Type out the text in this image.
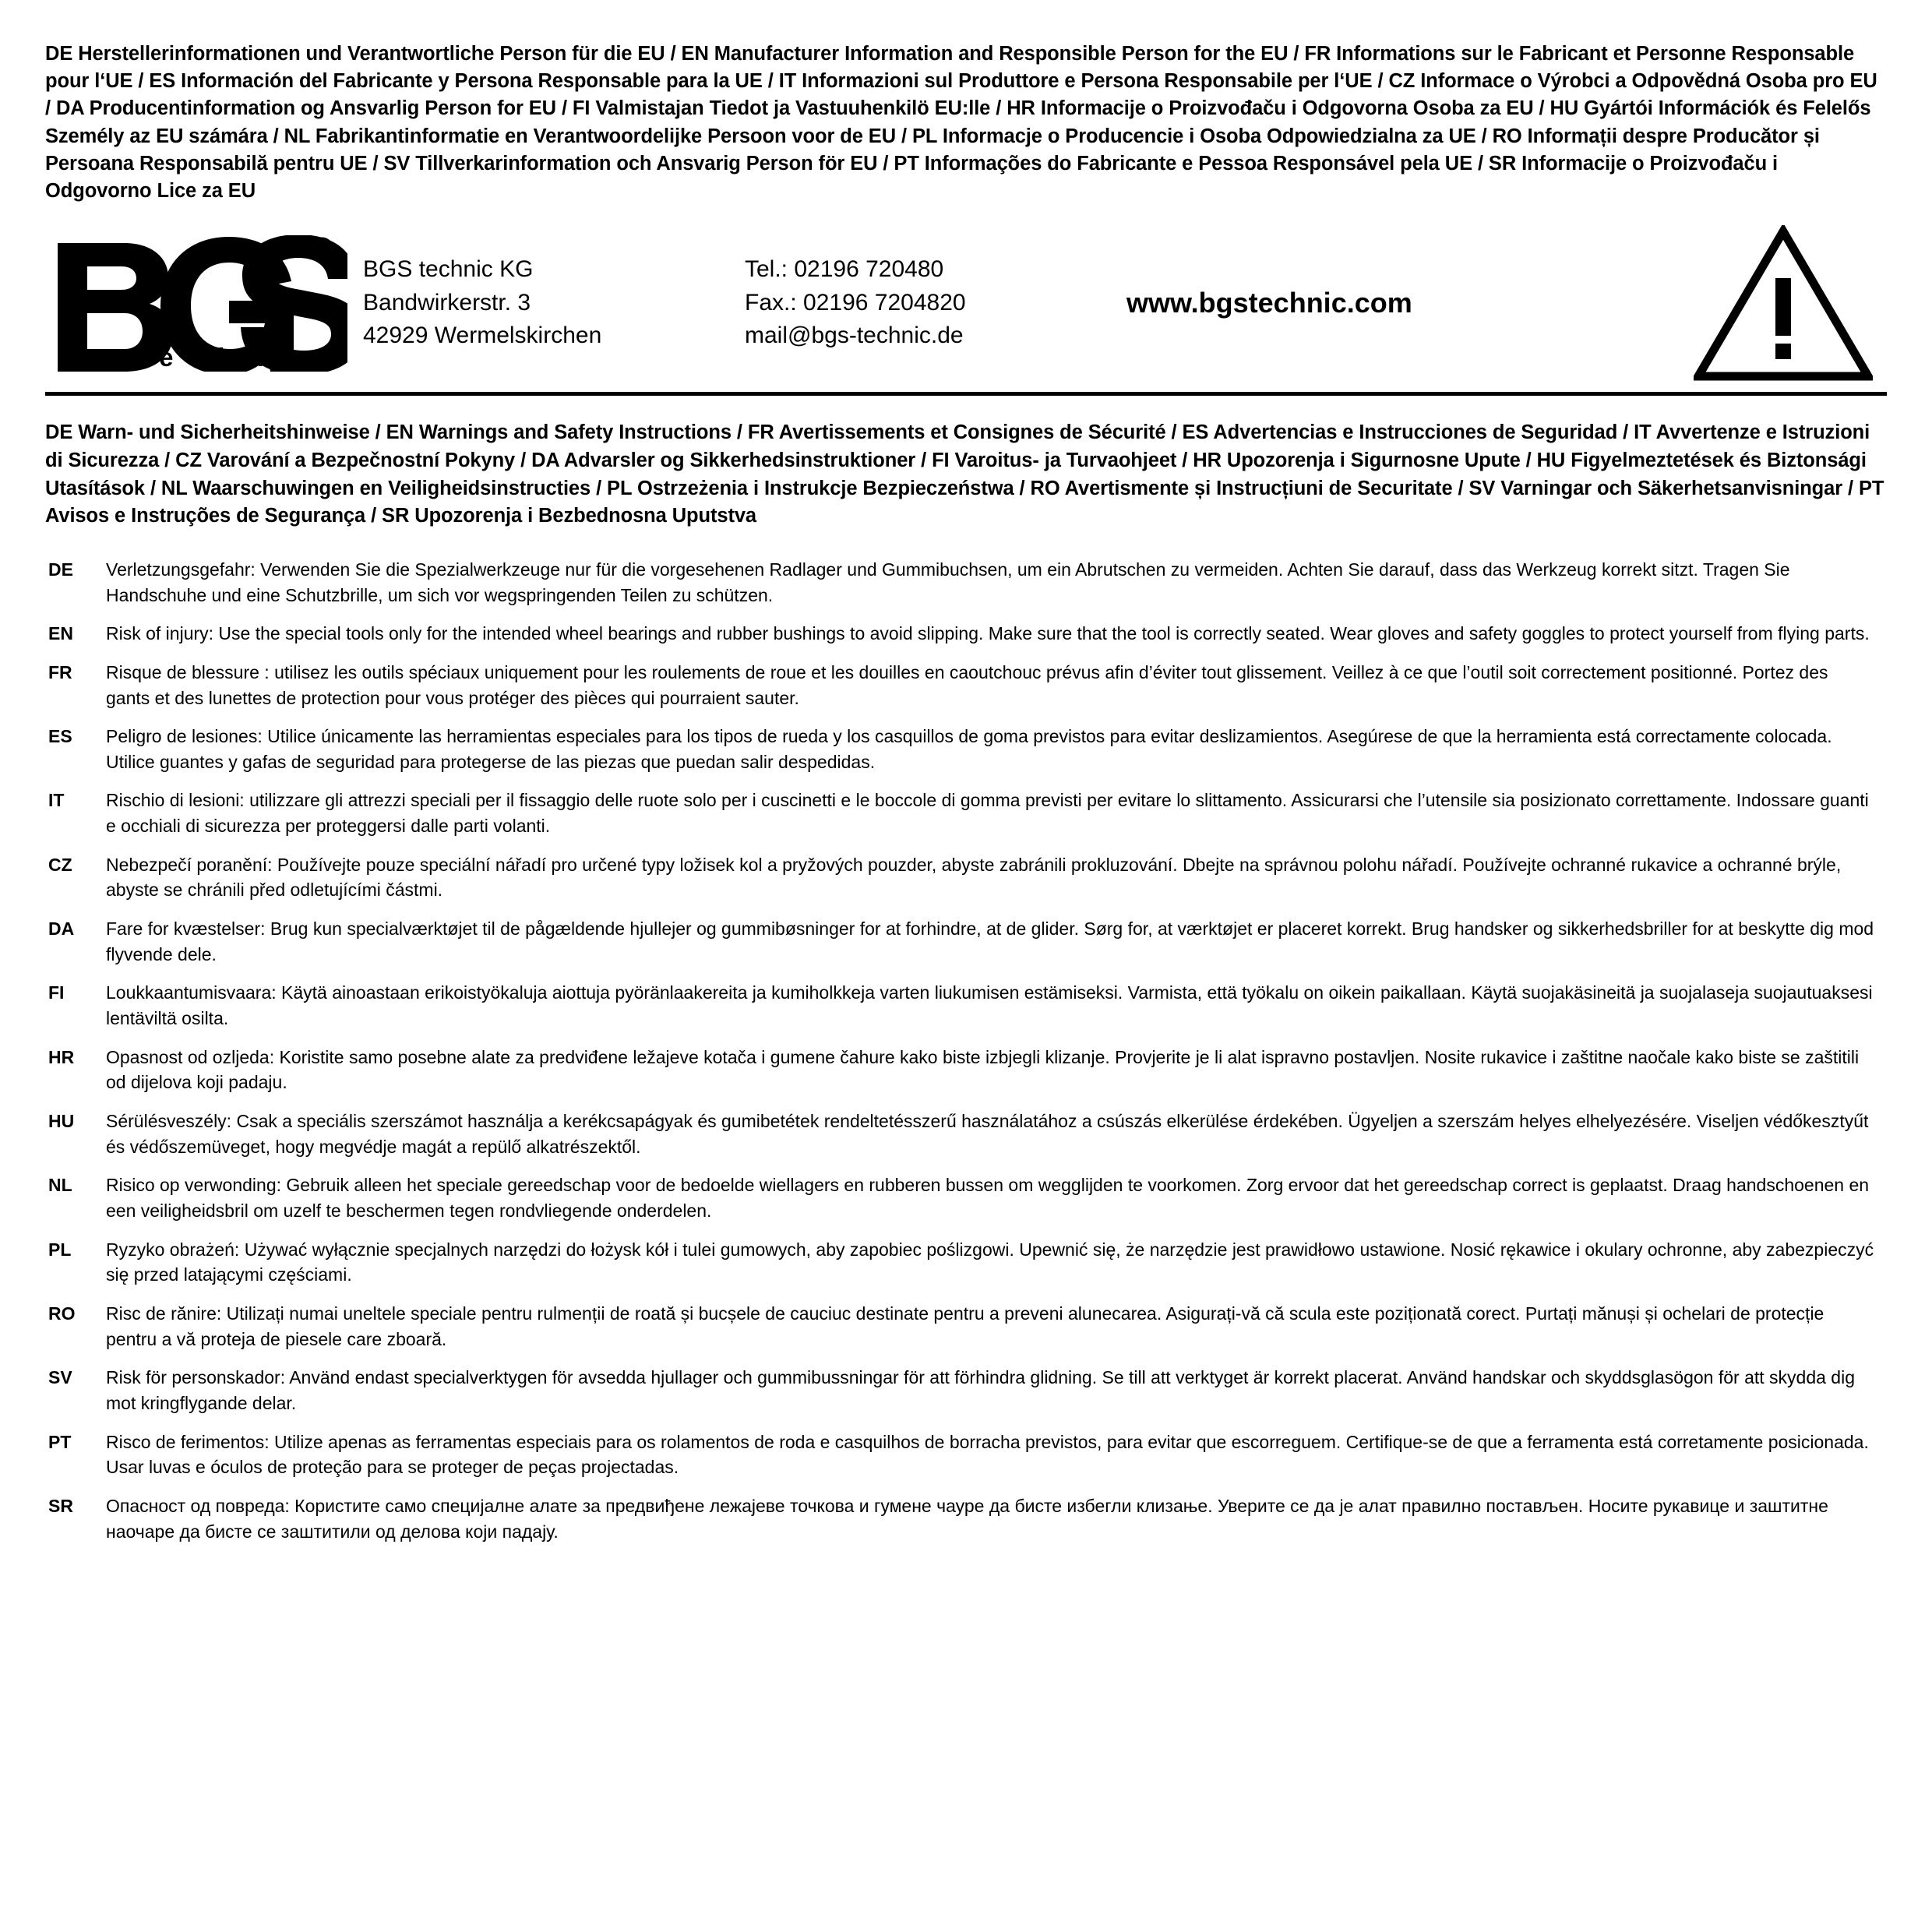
DE Herstellerinformationen und Verantwortliche Person für die EU / EN Manufacturer Information and Responsible Person for the EU / FR Informations sur le Fabricant et Personne Responsable pour l‘UE / ES Información del Fabricante y Persona Responsable para la UE / IT Informazioni sul Produttore e Persona Responsabile per l‘UE / CZ Informace o Výrobci a Odpovědná Osoba pro EU / DA Producentinformation og Ansvarlig Person for EU / FI Valmistajan Tiedot ja Vastuuhenkilö EU:lle / HR Informacije o Proizvođaču i Odgovorna Osoba za EU / HU Gyártói Információk és Felelős Személy az EU számára / NL Fabrikantinformatie en Verantwoordelijke Persoon voor de EU / PL Informacje o Producencie i Osoba Odpowiedzialna za UE / RO Informații despre Producător și Persoana Responsabilă pentru UE / SV Tillverkarinformation och Ansvarig Person för EU / PT Informações do Fabricante e Pessoa Responsável pela UE / SR Informacije o Proizvođaču i Odgovorno Lice za EU
R
t e c h n i c
BGS technic KG
Bandwirkerstr. 3
42929 Wermelskirchen
Tel.: 02196 720480
Fax.: 02196 7204820
mail@bgs-technic.de
www.bgstechnic.com
DE Warn- und Sicherheitshinweise / EN Warnings and Safety Instructions / FR Avertissements et Consignes de Sécurité / ES Advertencias e Instrucciones de Seguridad / IT Avvertenze e Istruzioni di Sicurezza / CZ Varování a Bezpečnostní Pokyny / DA Advarsler og Sikkerhedsinstruktioner / FI Varoitus- ja Turvaohjeet / HR Upozorenja i Sigurnosne Upute / HU Figyelmeztetések és Biztonsági Utasítások / NL Waarschuwingen en Veiligheidsinstructies / PL Ostrzeżenia i Instrukcje Bezpieczeństwa / RO Avertismente și Instrucțiuni de Securitate / SV Varningar och Säkerhetsanvisningar / PT Avisos e Instruções de Segurança / SR Upozorenja i Bezbednosna Uputstva
DE	Verletzungsgefahr: Verwenden Sie die Spezialwerkzeuge nur für die vorgesehenen Radlager und Gummibuchsen, um ein Abrutschen zu vermeiden. Achten Sie darauf, dass das Werkzeug korrekt sitzt. Tragen Sie Handschuhe und eine Schutzbrille, um sich vor wegspringenden Teilen zu schützen.
EN	Risk of injury: Use the special tools only for the intended wheel bearings and rubber bushings to avoid slipping. Make sure that the tool is correctly seated. Wear gloves and safety goggles to protect yourself from flying parts.
FR	Risque de blessure : utilisez les outils spéciaux uniquement pour les roulements de roue et les douilles en caoutchouc prévus afin d’éviter tout glissement. Veillez à ce que l’outil soit correctement positionné. Portez des gants et des lunettes de protection pour vous protéger des pièces qui pourraient sauter.
ES	Peligro de lesiones: Utilice únicamente las herramientas especiales para los tipos de rueda y los casquillos de goma previstos para evitar deslizamientos. Asegúrese de que la herramienta está correctamente colocada. Utilice guantes y gafas de seguridad para protegerse de las piezas que puedan salir despedidas.
IT	Rischio di lesioni: utilizzare gli attrezzi speciali per il fissaggio delle ruote solo per i cuscinetti e le boccole di gomma previsti per evitare lo slittamento. Assicurarsi che l’utensile sia posizionato correttamente. Indossare guanti e occhiali di sicurezza per proteggersi dalle parti volanti.
CZ	Nebezpečí poranění: Používejte pouze speciální nářadí pro určené typy ložisek kol a pryžových pouzder, abyste zabránili prokluzování. Dbejte na správnou polohu nářadí. Používejte ochranné rukavice a ochranné brýle, abyste se chránili před odletujícími částmi.
DA	Fare for kvæstelser: Brug kun specialværktøjet til de pågældende hjullejer og gummibøsninger for at forhindre, at de glider. Sørg for, at værktøjet er placeret korrekt. Brug handsker og sikkerhedsbriller for at beskytte dig mod flyvende dele.
FI	Loukkaantumisvaara: Käytä ainoastaan erikoistyökaluja aiottuja pyöränlaakereita ja kumiholkkeja varten liukumisen estämiseksi. Varmista, että työkalu on oikein paikallaan. Käytä suojakäsineitä ja suojalaseja suojautuaksesi lentäviltä osilta.
HR	Opasnost od ozljeda: Koristite samo posebne alate za predviđene ležajeve kotača i gumene čahure kako biste izbjegli klizanje. Provjerite je li alat ispravno postavljen. Nosite rukavice i zaštitne naočale kako biste se zaštitili od dijelova koji padaju.
HU	Sérülésveszély: Csak a speciális szerszámot használja a kerékcsapágyak és gumibetétek rendeltetésszerű használatához a csúszás elkerülése érdekében. Ügyeljen a szerszám helyes elhelyezésére. Viseljen védőkesztyűt és védőszemüveget, hogy megvédje magát a repülő alkatrészektől.
NL	Risico op verwonding: Gebruik alleen het speciale gereedschap voor de bedoelde wiellagers en rubberen bussen om wegglijden te voorkomen. Zorg ervoor dat het gereedschap correct is geplaatst. Draag handschoenen en een veiligheidsbril om uzelf te beschermen tegen rondvliegende onderdelen.
PL	Ryzyko obrażeń: Używać wyłącznie specjalnych narzędzi do łożysk kół i tulei gumowych, aby zapobiec poślizgowi. Upewnić się, że narzędzie jest prawidłowo ustawione. Nosić rękawice i okulary ochronne, aby zabezpieczyć się przed latającymi częściami.
RO	Risc de rănire: Utilizați numai uneltele speciale pentru rulmenții de roată și bucșele de cauciuc destinate pentru a preveni alunecarea. Asigurați-vă că scula este poziționată corect. Purtați mănuși și ochelari de protecție pentru a vă proteja de piesele care zboară.
SV	Risk för personskador: Använd endast specialverktygen för avsedda hjullager och gummibussningar för att förhindra glidning. Se till att verktyget är korrekt placerat. Använd handskar och skyddsglasögon för att skydda dig mot kringflygande delar.
PT	Risco de ferimentos: Utilize apenas as ferramentas especiais para os rolamentos de roda e casquilhos de borracha previstos, para evitar que escorreguem. Certifique-se de que a ferramenta está corretamente posicionada. Usar luvas e óculos de proteção para se proteger de peças projectadas.
SR	Опасност од повреда: Користите само специјалне алате за предвиђене лежајеве точкова и гумене чауре да бисте избегли клизање. Уверите се да је алат правилно постављен. Носите рукавице и заштитне наочаре да бисте се заштитили од делова који падају.
